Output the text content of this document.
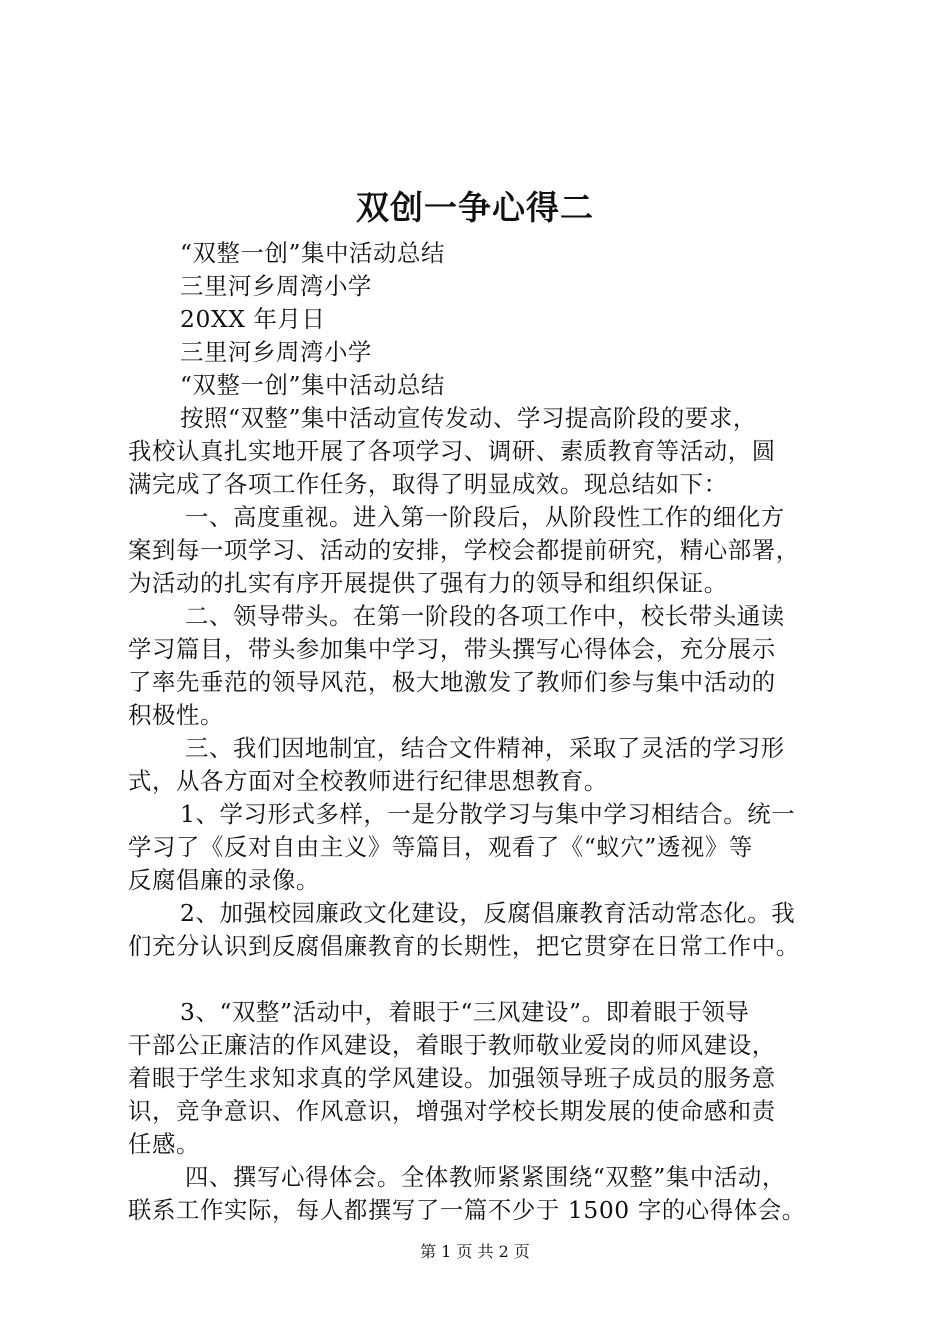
双创一争心得二
“双整一创”集中活动总结
三里河乡周湾小学
20XX 年月日
三里河乡周湾小学
“双整一创”集中活动总结
按照“双整”集中活动宣传发动、学习提高阶段的要求，
我校认真扎实地开展了各项学习、调研、素质教育等活动，圆
满完成了各项工作任务，取得了明显成效。现总结如下：
一、高度重视。进入第一阶段后，从阶段性工作的细化方
案到每一项学习、活动的安排，学校会都提前研究，精心部署，
为活动的扎实有序开展提供了强有力的领导和组织保证。
二、领导带头。在第一阶段的各项工作中，校长带头通读
学习篇目，带头参加集中学习，带头撰写心得体会，充分展示
了率先垂范的领导风范，极大地激发了教师们参与集中活动的
积极性。
三、我们因地制宜，结合文件精神，采取了灵活的学习形
式，从各方面对全校教师进行纪律思想教育。
1、学习形式多样，一是分散学习与集中学习相结合。统一
学习了《反对自由主义》等篇目，观看了《“蚁穴”透视》等
反腐倡廉的录像。
2、加强校园廉政文化建设，反腐倡廉教育活动常态化。我
们充分认识到反腐倡廉教育的长期性，把它贯穿在日常工作中。
3、“双整”活动中，着眼于“三风建设”。即着眼于领导
干部公正廉洁的作风建设，着眼于教师敬业爱岗的师风建设，
着眼于学生求知求真的学风建设。加强领导班子成员的服务意
识，竞争意识、作风意识，增强对学校长期发展的使命感和责
任感。
四、撰写心得体会。全体教师紧紧围绕“双整”集中活动，
联系工作实际，每人都撰写了一篇不少于 1500 字的心得体会。
第 1 页 共 2 页
